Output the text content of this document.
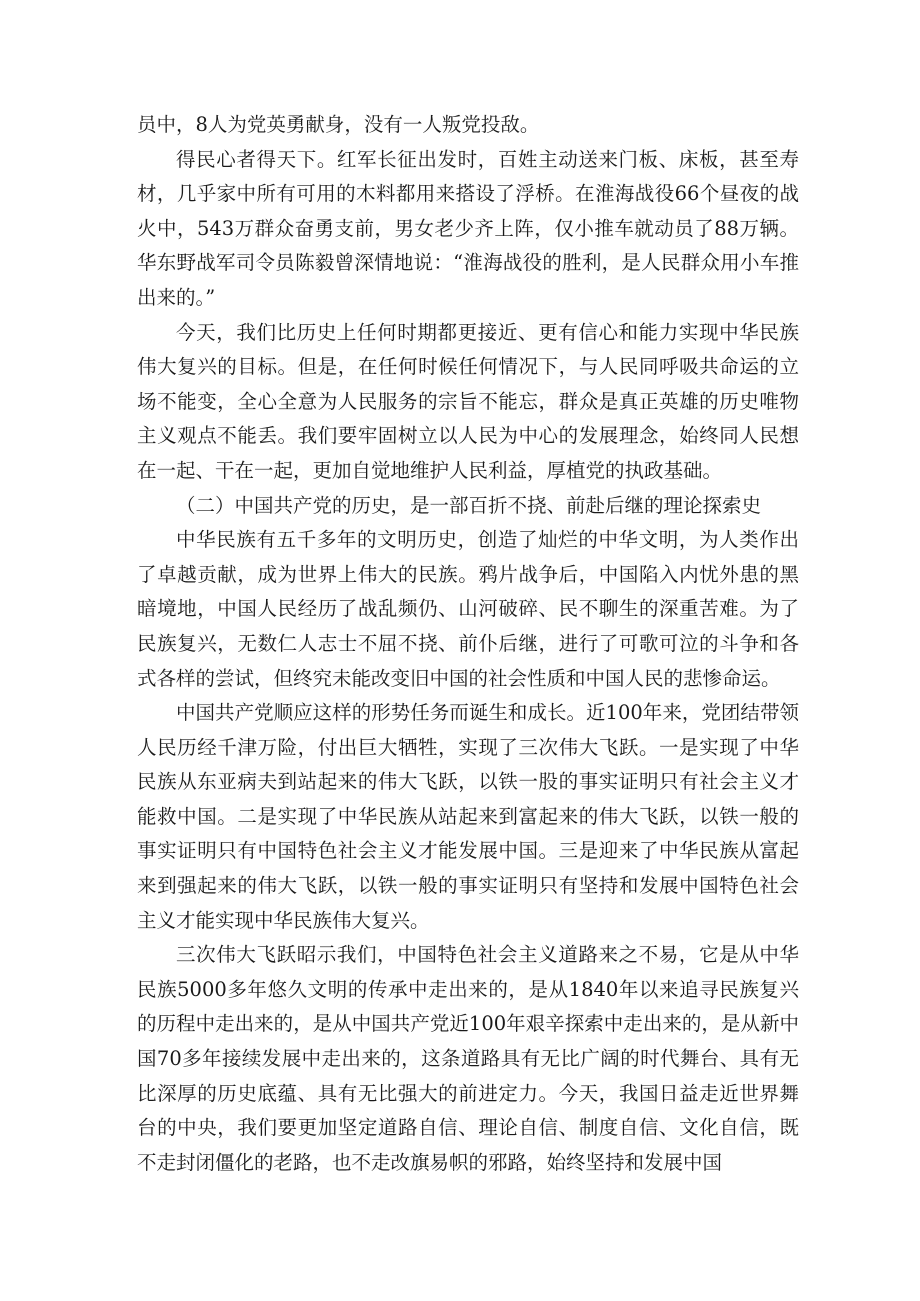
员中，8人为党英勇献身，没有一人叛党投敌。

得民心者得天下。红军长征出发时，百姓主动送来门板、床板，甚至寿材，几乎家中所有可用的木料都用来搭设了浮桥。在淮海战役66个昼夜的战火中，543万群众奋勇支前，男女老少齐上阵，仅小推车就动员了88万辆。华东野战军司令员陈毅曾深情地说：“淮海战役的胜利，是人民群众用小车推出来的。”

今天，我们比历史上任何时期都更接近、更有信心和能力实现中华民族伟大复兴的目标。但是，在任何时候任何情况下，与人民同呼吸共命运的立场不能变，全心全意为人民服务的宗旨不能忘，群众是真正英雄的历史唯物主义观点不能丢。我们要牢固树立以人民为中心的发展理念，始终同人民想在一起、干在一起，更加自觉地维护人民利益，厚植党的执政基础。

（二）中国共产党的历史，是一部百折不挠、前赴后继的理论探索史

中华民族有五千多年的文明历史，创造了灿烂的中华文明，为人类作出了卓越贡献，成为世界上伟大的民族。鸦片战争后，中国陷入内忧外患的黑暗境地，中国人民经历了战乱频仍、山河破碎、民不聊生的深重苦难。为了民族复兴，无数仁人志士不屈不挠、前仆后继，进行了可歌可泣的斗争和各式各样的尝试，但终究未能改变旧中国的社会性质和中国人民的悲惨命运。

中国共产党顺应这样的形势任务而诞生和成长。近100年来，党团结带领人民历经千津万险，付出巨大牺牲，实现了三次伟大飞跃。一是实现了中华民族从东亚病夫到站起来的伟大飞跃，以铁一股的事实证明只有社会主义才能救中国。二是实现了中华民族从站起来到富起来的伟大飞跃，以铁一般的事实证明只有中国特色社会主义才能发展中国。三是迎来了中华民族从富起来到强起来的伟大飞跃，以铁一般的事实证明只有坚持和发展中国特色社会主义才能实现中华民族伟大复兴。

三次伟大飞跃昭示我们，中国特色社会主义道路来之不易，它是从中华民族5000多年悠久文明的传承中走出来的，是从1840年以来追寻民族复兴的历程中走出来的，是从中国共产党近100年艰辛探索中走出来的，是从新中国70多年接续发展中走出来的，这条道路具有无比广阔的时代舞台、具有无比深厚的历史底蕴、具有无比强大的前进定力。今天，我国日益走近世界舞台的中央，我们要更加坚定道路自信、理论自信、制度自信、文化自信，既不走封闭僵化的老路，也不走改旗易帜的邪路，始终坚持和发展中国
